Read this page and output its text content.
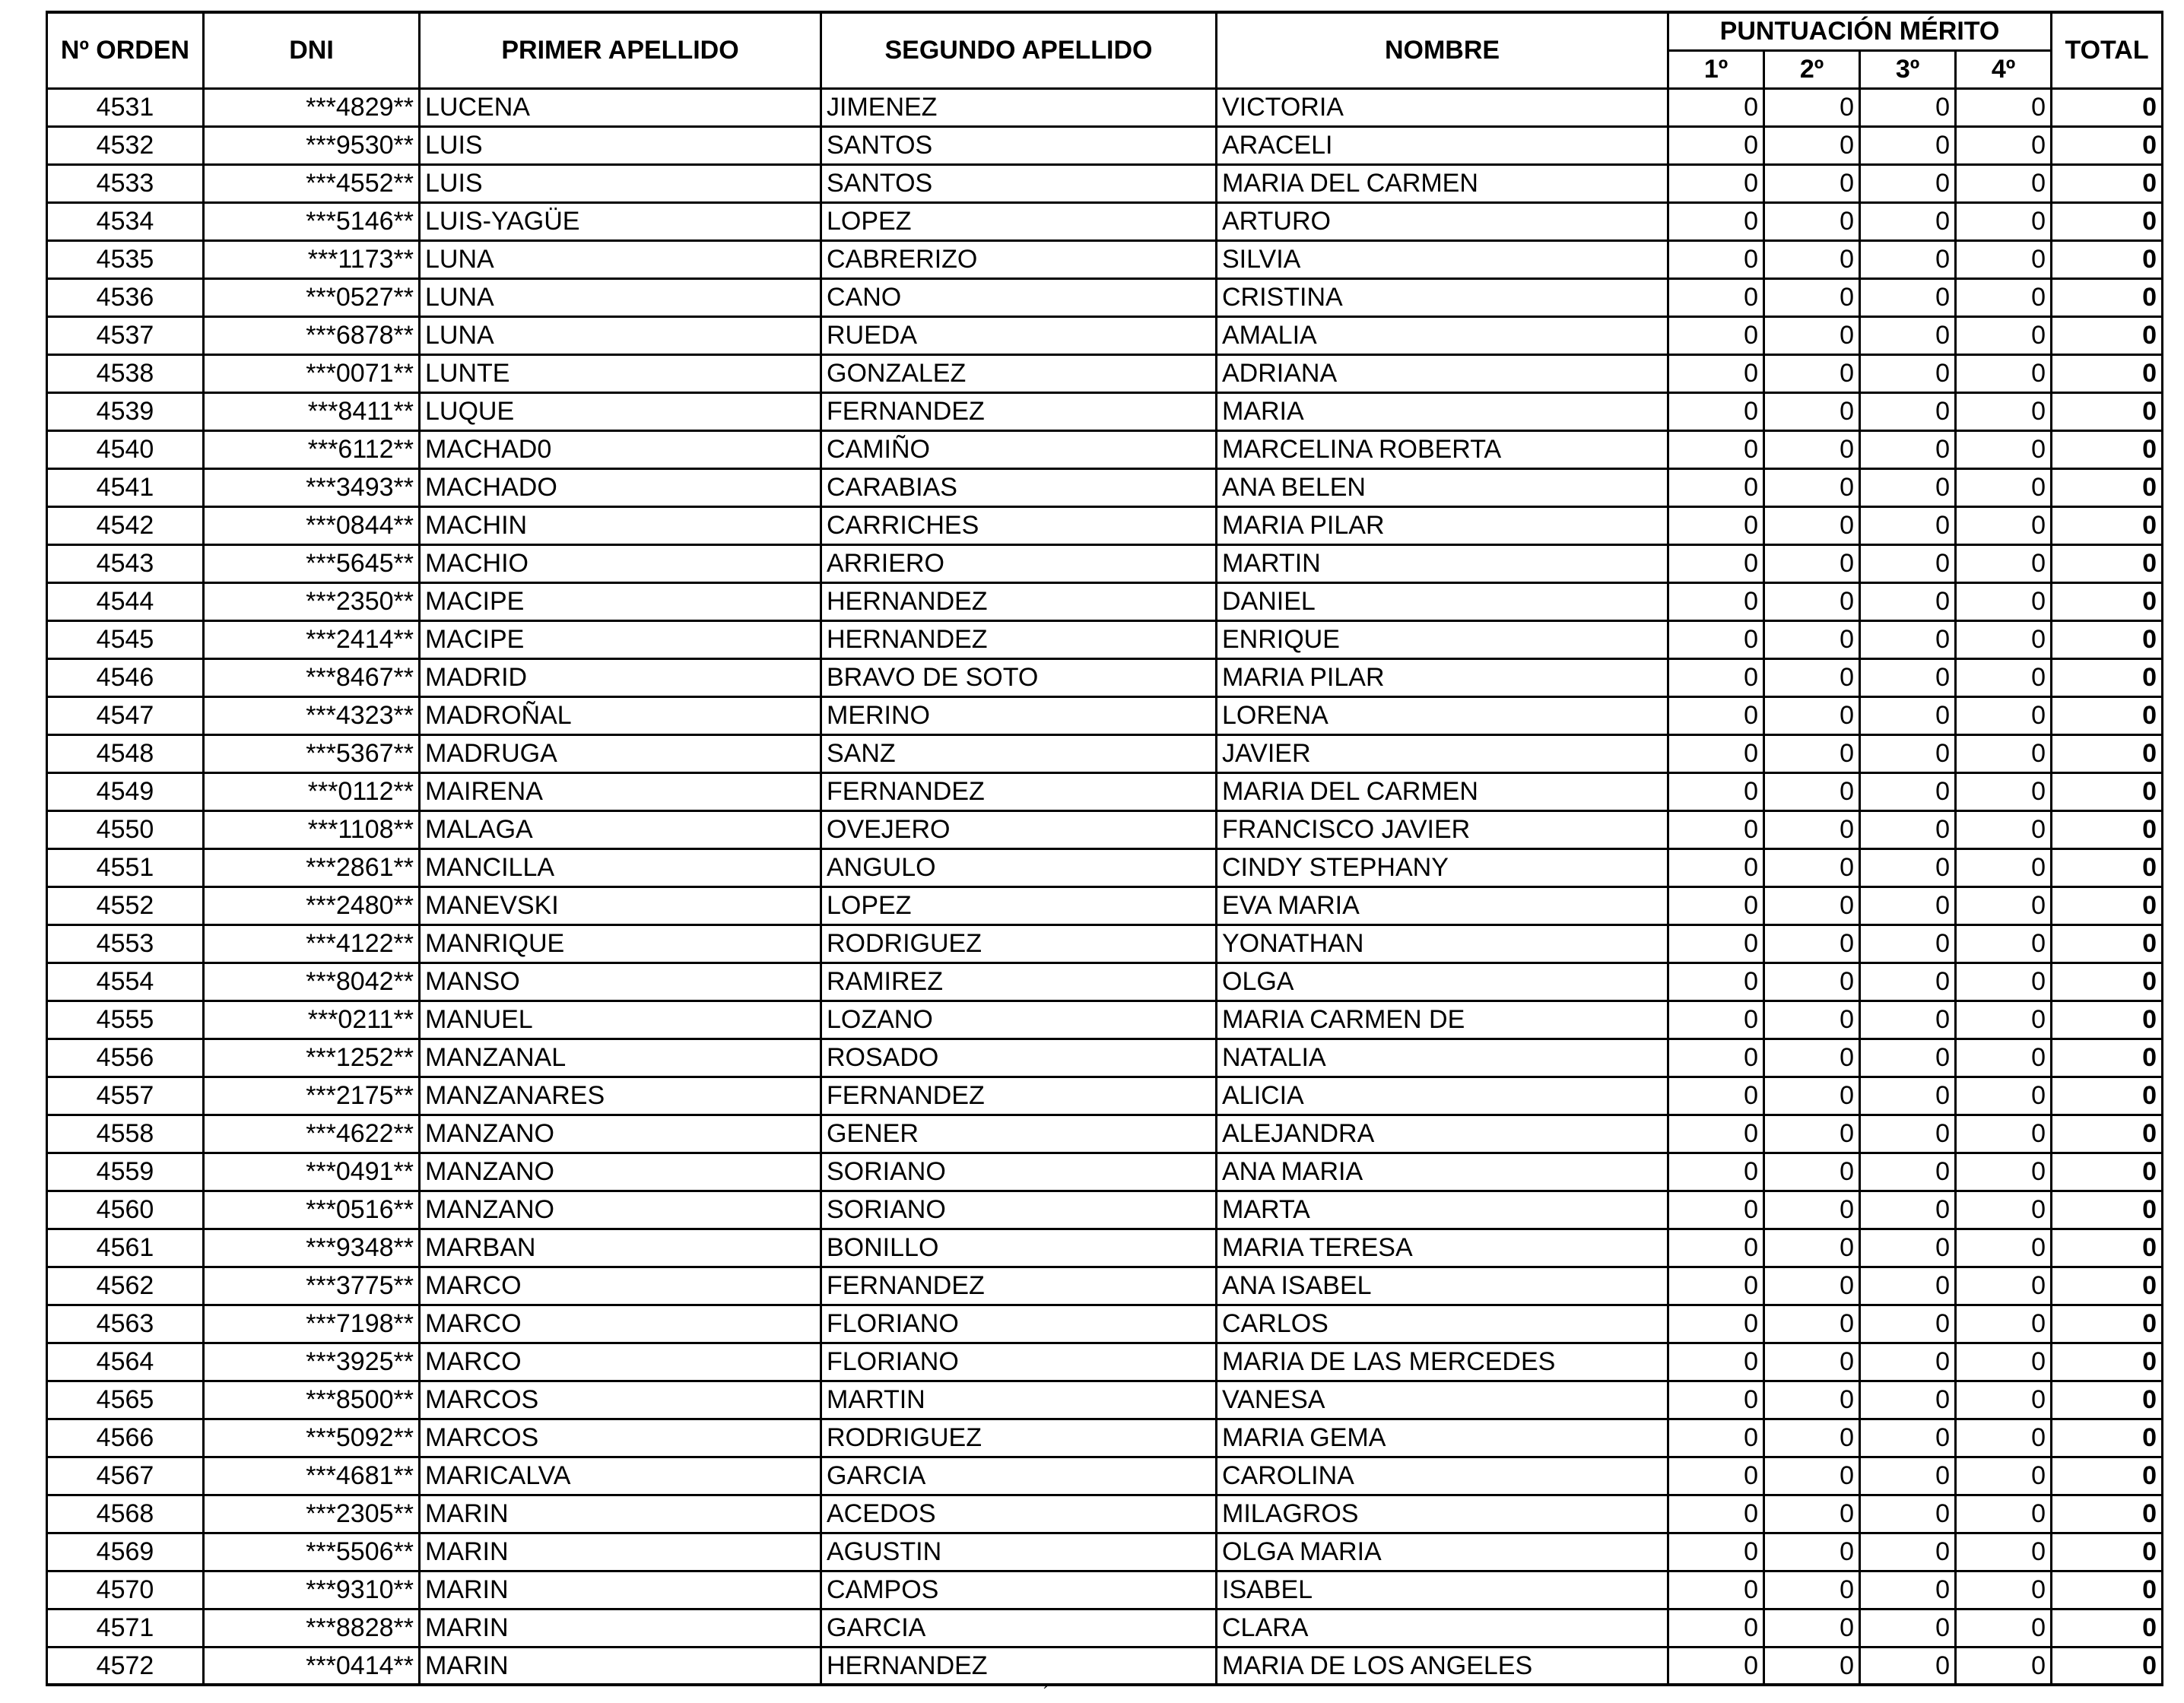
Nº ORDEN	DNI	PRIMER APELLIDO	SEGUNDO APELLIDO	NOMBRE	PUNTUACIÓN MÉRITO				TOTAL
					1º	2º	3º	4º	
4531	***4829**	LUCENA	JIMENEZ	VICTORIA	0	0	0	0	0
4532	***9530**	LUIS	SANTOS	ARACELI	0	0	0	0	0
4533	***4552**	LUIS	SANTOS	MARIA DEL CARMEN	0	0	0	0	0
4534	***5146**	LUIS-YAGÜE	LOPEZ	ARTURO	0	0	0	0	0
4535	***1173**	LUNA	CABRERIZO	SILVIA	0	0	0	0	0
4536	***0527**	LUNA	CANO	CRISTINA	0	0	0	0	0
4537	***6878**	LUNA	RUEDA	AMALIA	0	0	0	0	0
4538	***0071**	LUNTE	GONZALEZ	ADRIANA	0	0	0	0	0
4539	***8411**	LUQUE	FERNANDEZ	MARIA	0	0	0	0	0
4540	***6112**	MACHAD0	CAMIÑO	MARCELINA ROBERTA	0	0	0	0	0
4541	***3493**	MACHADO	CARABIAS	ANA BELEN	0	0	0	0	0
4542	***0844**	MACHIN	CARRICHES	MARIA PILAR	0	0	0	0	0
4543	***5645**	MACHIO	ARRIERO	MARTIN	0	0	0	0	0
4544	***2350**	MACIPE	HERNANDEZ	DANIEL	0	0	0	0	0
4545	***2414**	MACIPE	HERNANDEZ	ENRIQUE	0	0	0	0	0
4546	***8467**	MADRID	BRAVO DE SOTO	MARIA PILAR	0	0	0	0	0
4547	***4323**	MADROÑAL	MERINO	LORENA	0	0	0	0	0
4548	***5367**	MADRUGA	SANZ	JAVIER	0	0	0	0	0
4549	***0112**	MAIRENA	FERNANDEZ	MARIA DEL CARMEN	0	0	0	0	0
4550	***1108**	MALAGA	OVEJERO	FRANCISCO JAVIER	0	0	0	0	0
4551	***2861**	MANCILLA	ANGULO	CINDY STEPHANY	0	0	0	0	0
4552	***2480**	MANEVSKI	LOPEZ	EVA MARIA	0	0	0	0	0
4553	***4122**	MANRIQUE	RODRIGUEZ	YONATHAN	0	0	0	0	0
4554	***8042**	MANSO	RAMIREZ	OLGA	0	0	0	0	0
4555	***0211**	MANUEL	LOZANO	MARIA CARMEN DE	0	0	0	0	0
4556	***1252**	MANZANAL	ROSADO	NATALIA	0	0	0	0	0
4557	***2175**	MANZANARES	FERNANDEZ	ALICIA	0	0	0	0	0
4558	***4622**	MANZANO	GENER	ALEJANDRA	0	0	0	0	0
4559	***0491**	MANZANO	SORIANO	ANA MARIA	0	0	0	0	0
4560	***0516**	MANZANO	SORIANO	MARTA	0	0	0	0	0
4561	***9348**	MARBAN	BONILLO	MARIA TERESA	0	0	0	0	0
4562	***3775**	MARCO	FERNANDEZ	ANA ISABEL	0	0	0	0	0
4563	***7198**	MARCO	FLORIANO	CARLOS	0	0	0	0	0
4564	***3925**	MARCO	FLORIANO	MARIA DE LAS MERCEDES	0	0	0	0	0
4565	***8500**	MARCOS	MARTIN	VANESA	0	0	0	0	0
4566	***5092**	MARCOS	RODRIGUEZ	MARIA GEMA	0	0	0	0	0
4567	***4681**	MARICALVA	GARCIA	CAROLINA	0	0	0	0	0
4568	***2305**	MARIN	ACEDOS	MILAGROS	0	0	0	0	0
4569	***5506**	MARIN	AGUSTIN	OLGA MARIA	0	0	0	0	0
4570	***9310**	MARIN	CAMPOS	ISABEL	0	0	0	0	0
4571	***8828**	MARIN	GARCIA	CLARA	0	0	0	0	0
4572	***0414**	MARIN	HERNANDEZ	MARIA DE LOS ANGELES	0	0	0	0	0
´
